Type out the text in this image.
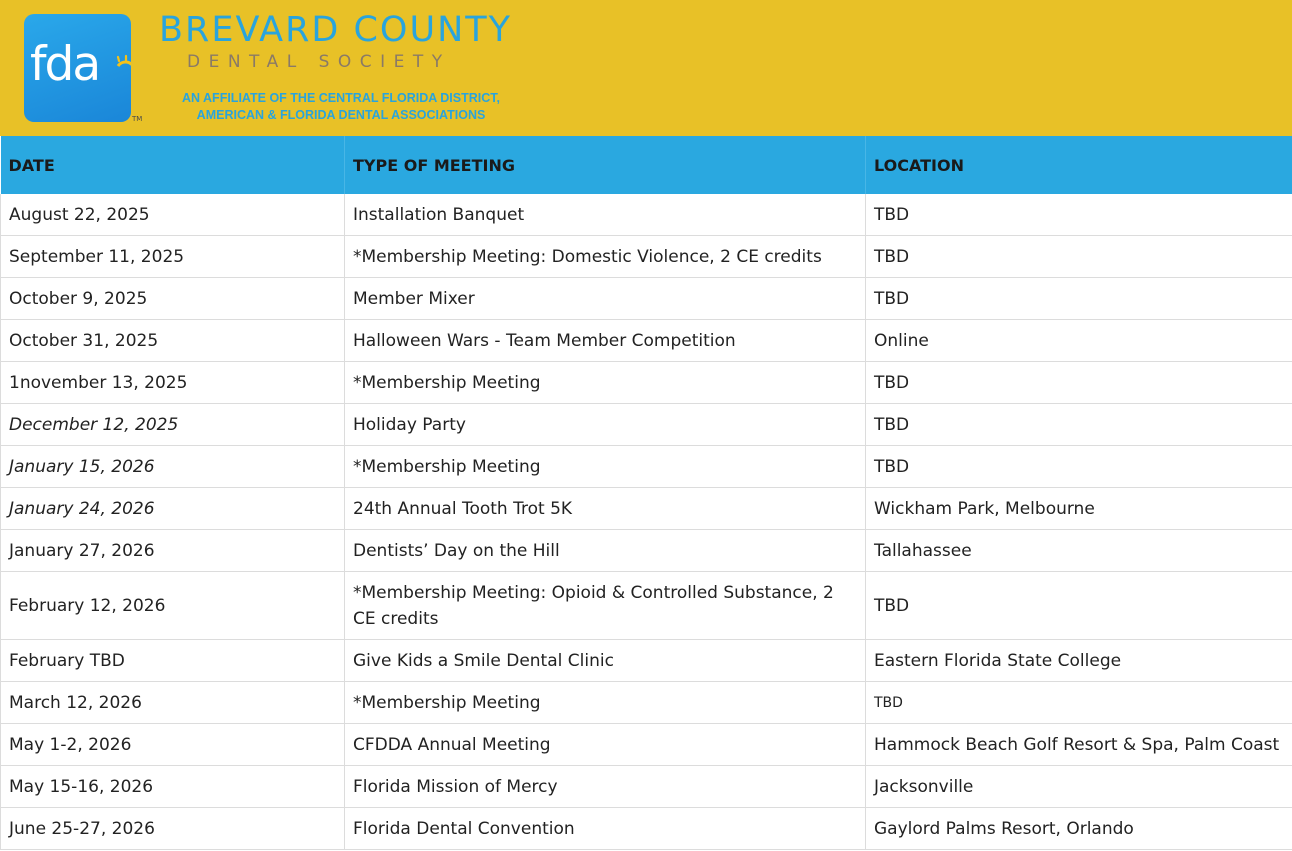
fda
TM
BREVARD COUNTY
DENTAL SOCIETY
AN AFFILIATE OF THE CENTRAL FLORIDA DISTRICT,
AMERICAN & FLORIDA DENTAL ASSOCIATIONS
DATE	TYPE OF MEETING	LOCATION
August 22, 2025	Installation Banquet	TBD
September 11, 2025	*Membership Meeting: Domestic Violence, 2 CE credits	TBD
October 9, 2025	Member Mixer	TBD
October 31, 2025	Halloween Wars - Team Member Competition	Online
1november 13, 2025	*Membership Meeting	TBD
December 12, 2025	Holiday Party	TBD
January 15, 2026	*Membership Meeting	TBD
January 24, 2026	24th Annual Tooth Trot 5K	Wickham Park, Melbourne
January 27, 2026	Dentists’ Day on the Hill	Tallahassee
February 12, 2026	*Membership Meeting: Opioid & Controlled Substance, 2 CE credits	TBD
February TBD	Give Kids a Smile Dental Clinic	Eastern Florida State College
March 12, 2026	*Membership Meeting	TBD
May 1-2, 2026	CFDDA Annual Meeting	Hammock Beach Golf Resort & Spa, Palm Coast
May 15-16, 2026	Florida Mission of Mercy	Jacksonville
June 25-27, 2026	Florida Dental Convention	Gaylord Palms Resort, Orlando
